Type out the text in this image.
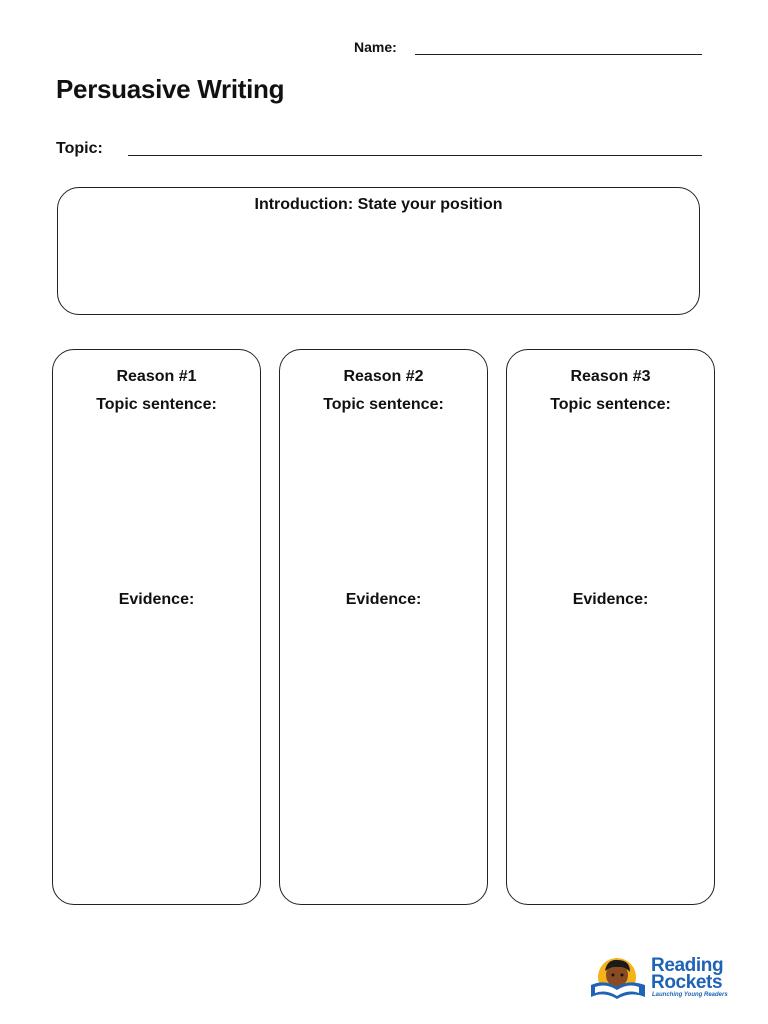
Name:
Persuasive Writing
Topic:
Introduction: State your position
Reason #1
Topic sentence:
Evidence:
Reason #2
Topic sentence:
Evidence:
Reason #3
Topic sentence:
Evidence:
Reading
Rockets
Launching Young Readers
